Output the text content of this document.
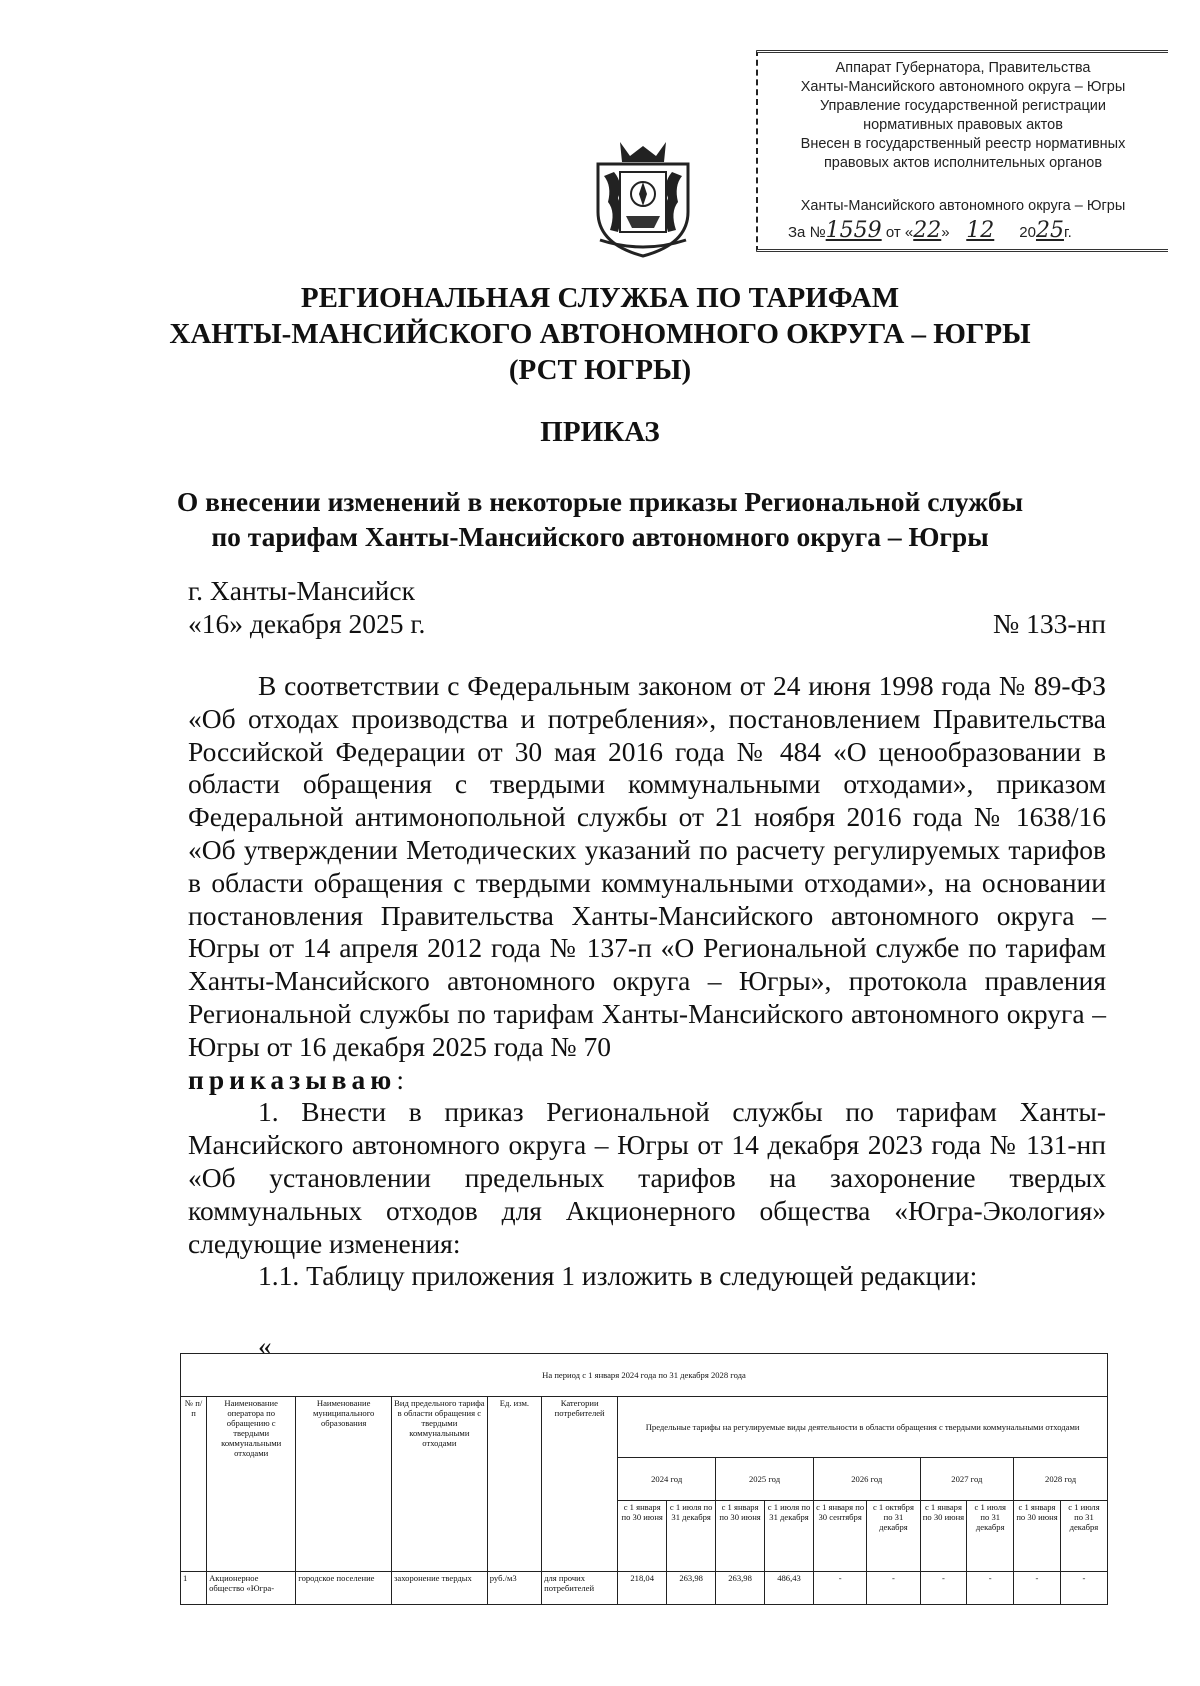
Аппарат Губернатора, Правительства
Ханты-Мансийского автономного округа – Югры
Управление государственной регистрации
нормативных правовых актов
Внесен в государственный реестр нормативных
правовых актов исполнительных органов
Ханты-Мансийского автономного округа – Югры
За №1559 от «22» 12 2025г.
РЕГИОНАЛЬНАЯ СЛУЖБА ПО ТАРИФАМ
ХАНТЫ-МАНСИЙСКОГО АВТОНОМНОГО ОКРУГА – ЮГРЫ
(РСТ ЮГРЫ)
ПРИКАЗ
О внесении изменений в некоторые приказы Региональной службы
по тарифам Ханты-Мансийского автономного округа – Югры
г. Ханты-Мансийск
«16» декабря 2025 г.	№ 133-нп

В соответствии с Федеральным законом от 24 июня 1998 года № 89-ФЗ «Об отходах производства и потребления», постановлением Правительства Российской Федерации от 30 мая 2016 года № 484 «О ценообразовании в области обращения с твердыми коммунальными отходами», приказом Федеральной антимонопольной службы от 21 ноября 2016 года № 1638/16 «Об утверждении Методических указаний по расчету регулируемых тарифов в области обращения с твердыми коммунальными отходами», на основании постановления Правительства Ханты-Мансийского автономного округа – Югры от 14 апреля 2012 года № 137-п «О Региональной службе по тарифам Ханты-Мансийского автономного округа – Югры», протокола правления Региональной службы по тарифам Ханты-Мансийского автономного округа – Югры от 16 декабря 2025 года № 70

приказываю:

1. Внести в приказ Региональной службы по тарифам Ханты-Мансийского автономного округа – Югры от 14 декабря 2023 года № 131-нп «Об установлении предельных тарифов на захоронение твердых коммунальных отходов для Акционерного общества «Югра-Экология» следующие изменения:

1.1. Таблицу приложения 1 изложить в следующей редакции:

«
На период с 1 января 2024 года по 31 декабря 2028 года															
№ п/п	Наименование оператора по обращению с твердыми коммунальными отходами	Наименование муниципального образования	Вид предельного тарифа в области обращения с твердыми коммунальными отходами	Ед. изм.	Категории потребителей	Предельные тарифы на регулируемые виды деятельности в области обращения с твердыми коммунальными отходами									
						2024 год		2025 год		2026 год		2027 год		2028 год	
						с 1 января по 30 июня	с 1 июля по 31 декабря	с 1 января по 30 июня	с 1 июля по 31 декабря	с 1 января по 30 сентября	с 1 октября по 31 декабря	с 1 января по 30 июня	с 1 июля по 31 декабря	с 1 января по 30 июня	с 1 июля по 31 декабря
1	Акционерное общество «Югра-	городское поселение	захоронение твердых	руб./м3	для прочих потребителей	218,04	263,98	263,98	486,43	-	-	-	-	-	-
